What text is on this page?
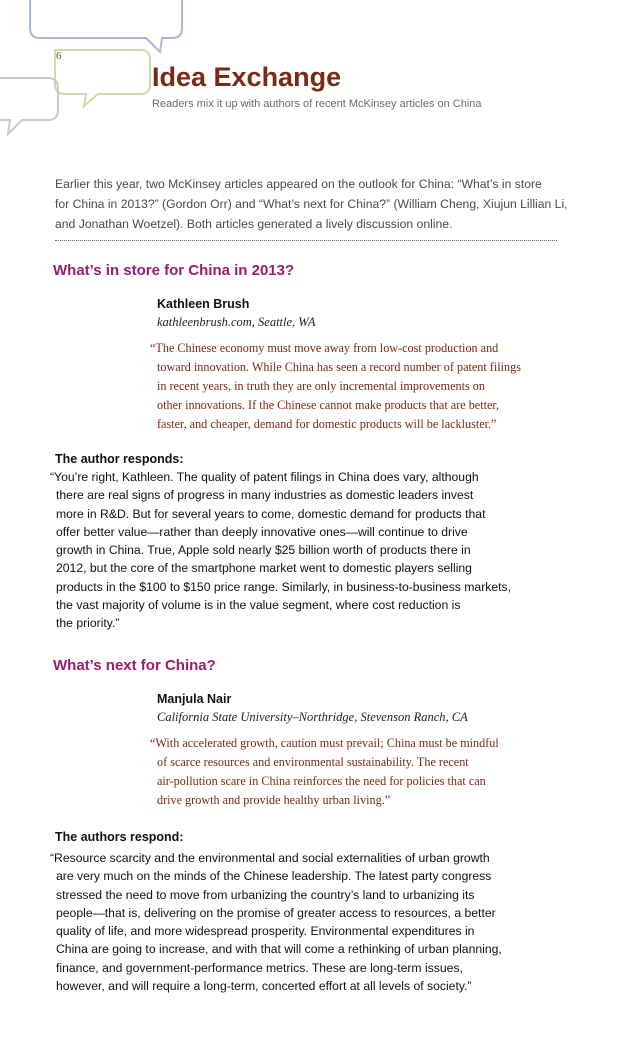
6
Idea Exchange
Readers mix it up with authors of recent McKinsey articles on China
Earlier this year, two McKinsey articles appeared on the outlook for China: “What’s in store
for China in 2013?” (Gordon Orr) and “What’s next for China?” (William Cheng, Xiujun Lillian Li,
and Jonathan Woetzel). Both articles generated a lively discussion online.
What’s in store for China in 2013?
Kathleen Brush
kathleenbrush.com, Seattle, WA
“The Chinese economy must move away from low-cost production and
toward innovation. While China has seen a record number of patent filings
in recent years, in truth they are only incremental improvements on
other innovations. If the Chinese cannot make products that are better,
faster, and cheaper, demand for domestic products will be lackluster.”
The author responds:
“You’re right, Kathleen. The quality of patent filings in China does vary, although
there are real signs of progress in many industries as domestic leaders invest
more in R&D. But for several years to come, domestic demand for products that
offer better value—rather than deeply innovative ones—will continue to drive
growth in China. True, Apple sold nearly $25 billion worth of products there in
2012, but the core of the smartphone market went to domestic players selling
products in the $100 to $150 price range. Similarly, in business-to-business markets,
the vast majority of volume is in the value segment, where cost reduction is
the priority.”
What’s next for China?
Manjula Nair
California State University–Northridge, Stevenson Ranch, CA
“With accelerated growth, caution must prevail; China must be mindful
of scarce resources and environmental sustainability. The recent
air-pollution scare in China reinforces the need for policies that can
drive growth and provide healthy urban living.”
The authors respond:
“Resource scarcity and the environmental and social externalities of urban growth
are very much on the minds of the Chinese leadership. The latest party congress
stressed the need to move from urbanizing the country’s land to urbanizing its
people—that is, delivering on the promise of greater access to resources, a better
quality of life, and more widespread prosperity. Environmental expenditures in
China are going to increase, and with that will come a rethinking of urban planning,
finance, and government-performance metrics. These are long-term issues,
however, and will require a long-term, concerted effort at all levels of society.”
